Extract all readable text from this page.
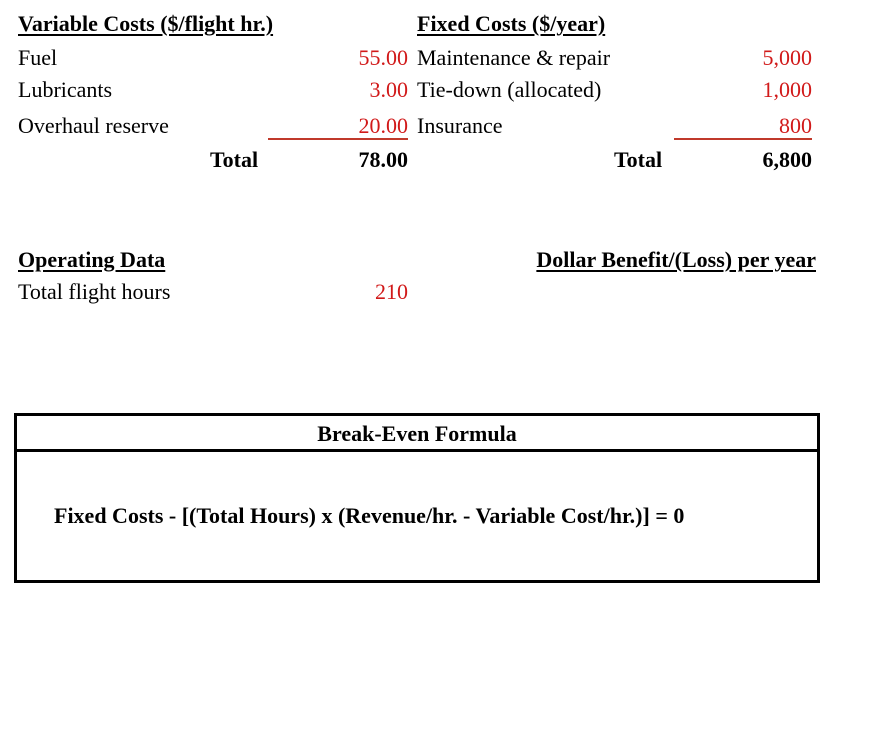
Variable Costs ($/flight hr.)
Fuel	55.00
Lubricants	3.00
Overhaul reserve	20.00
Total	78.00
Fixed Costs ($/year)
Maintenance & repair	5,000
Tie-down (allocated)	1,000
Insurance	800
Total	6,800
Operating Data
Total flight hours	210
Dollar Benefit/(Loss) per year
Break-Even Formula
Fixed Costs - [(Total Hours) x (Revenue/hr. - Variable Cost/hr.)] = 0
